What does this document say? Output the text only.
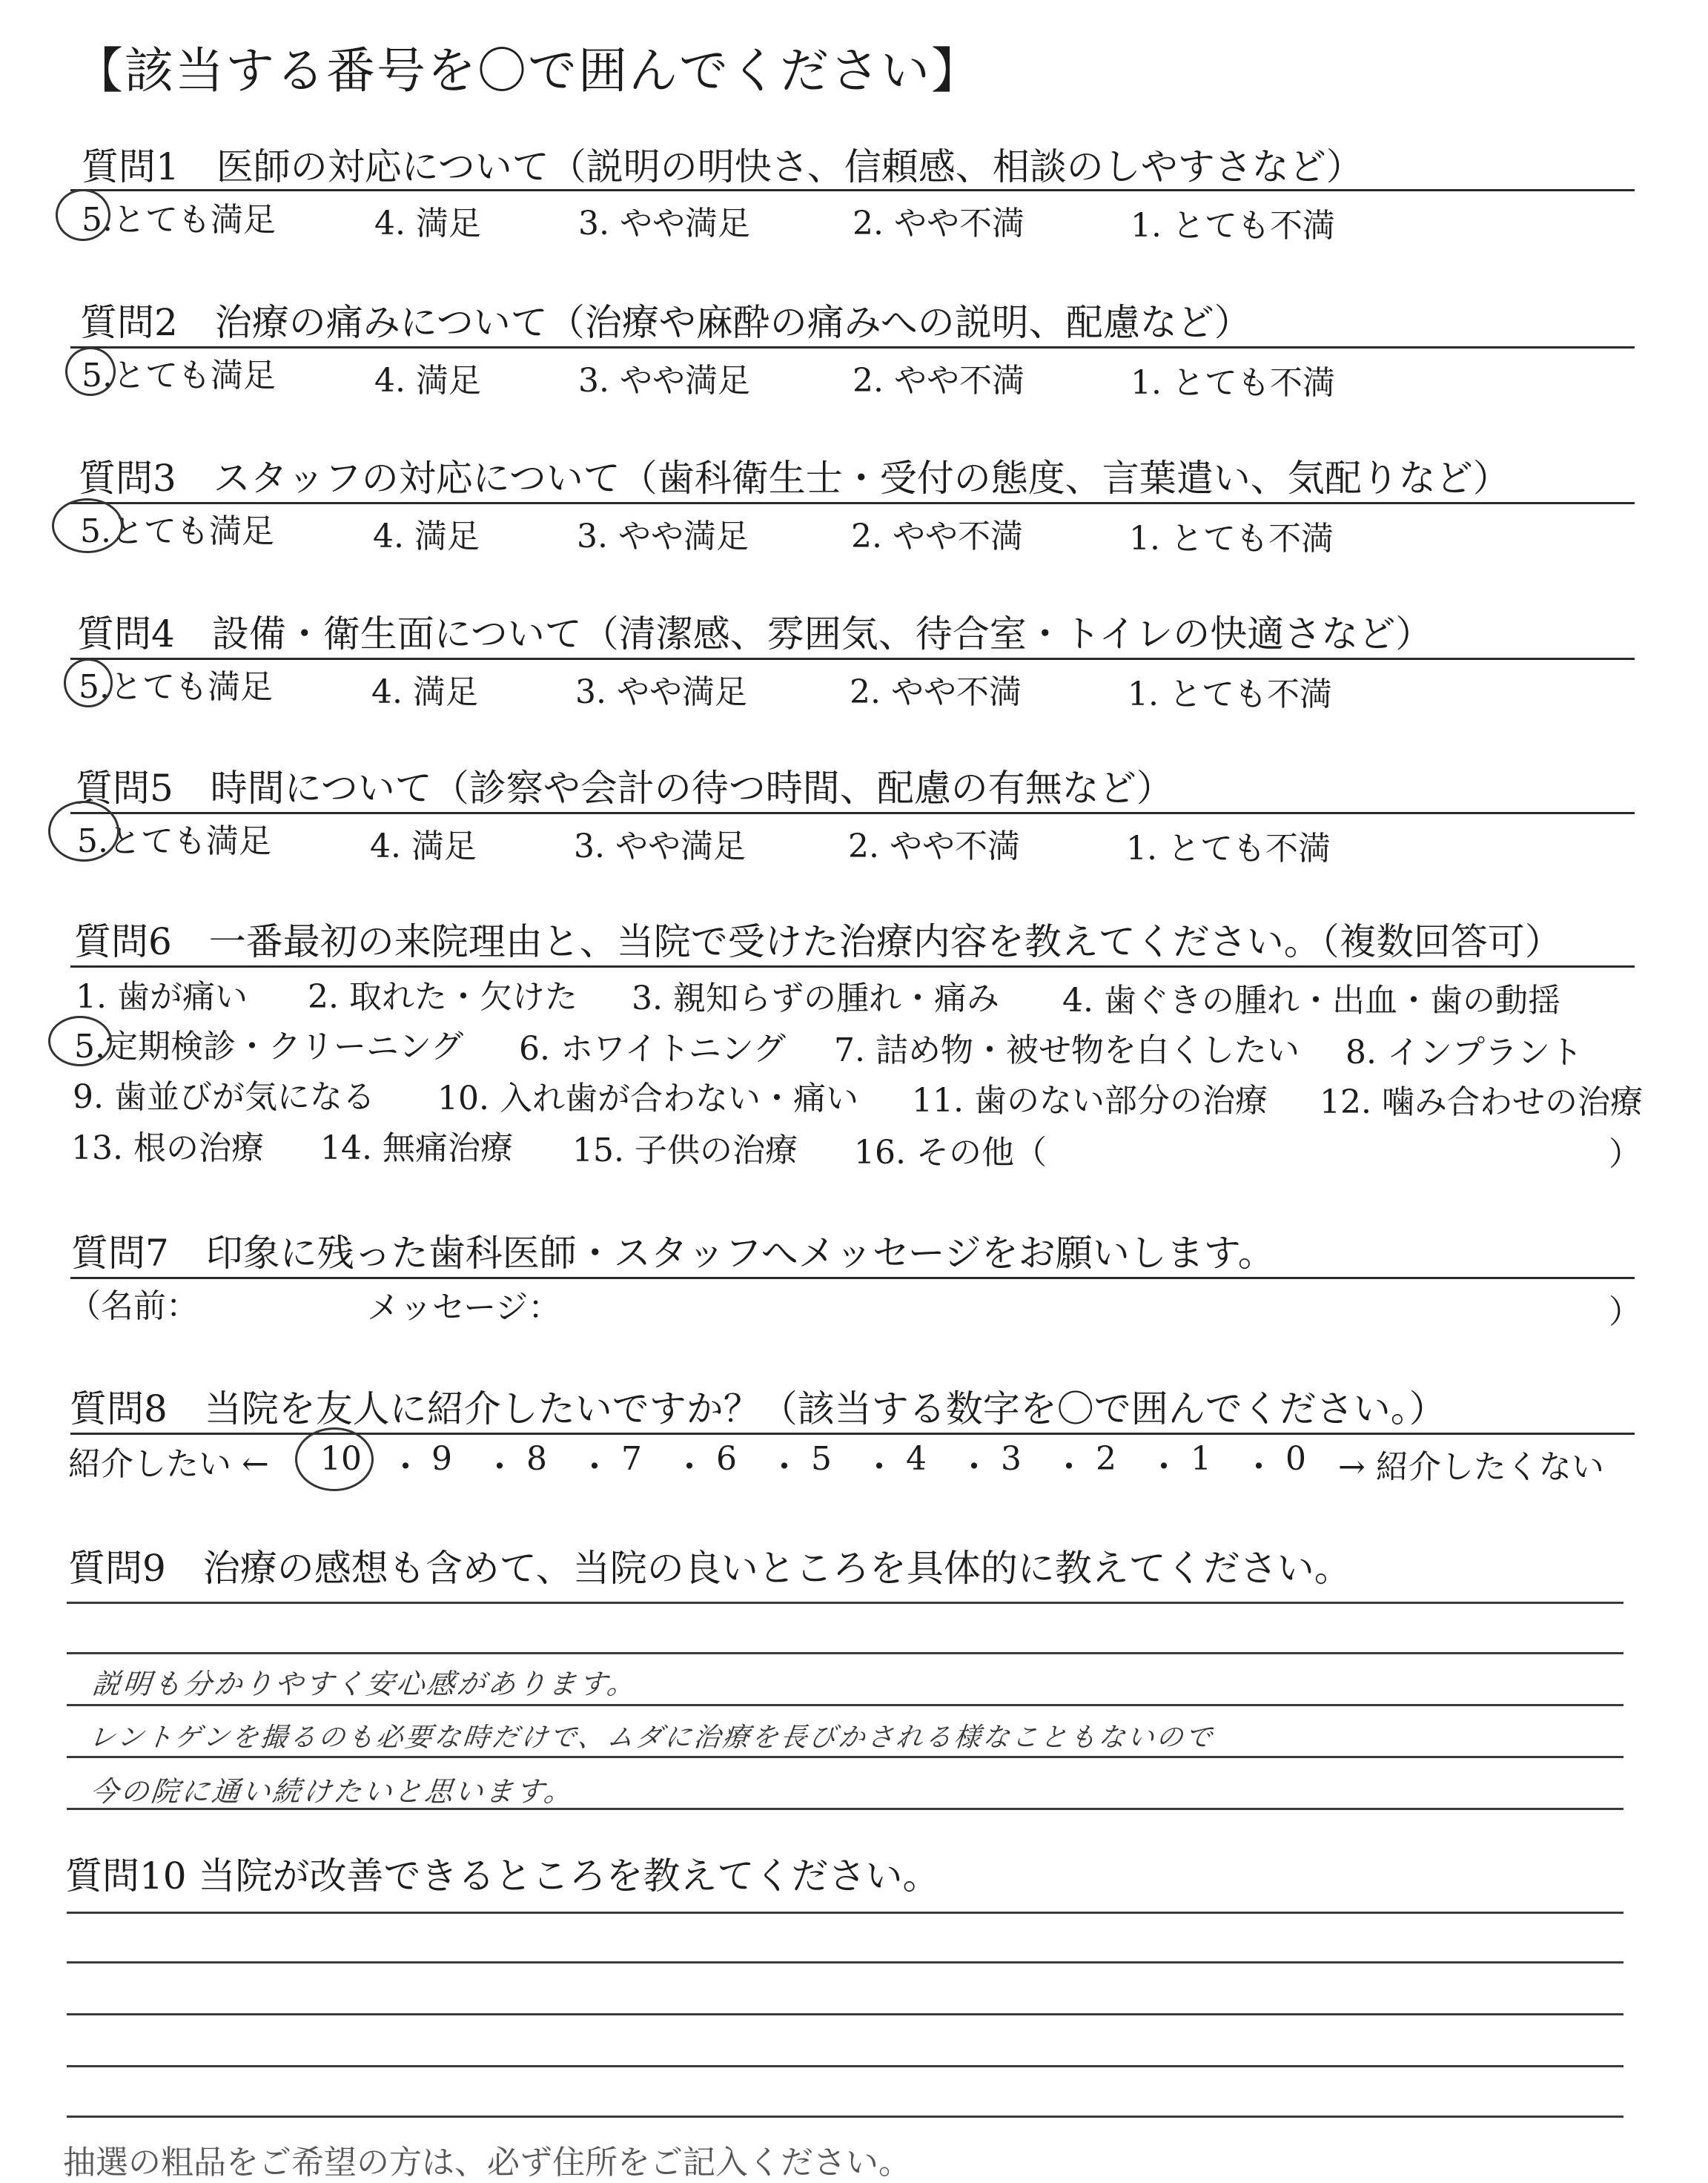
【該当する番号を〇で囲んでください】
質問1　医師の対応について（説明の明快さ、信頼感、相談のしやすさなど）
5.とても満足	4. 満足	3. やや満足	2. やや不満	1. とても不満
質問2　治療の痛みについて（治療や麻酔の痛みへの説明、配慮など）
5.とても満足	4. 満足	3. やや満足	2. やや不満	1. とても不満
質問3　スタッフの対応について（歯科衛生士・受付の態度、言葉遣い、気配りなど）
5.とても満足	4. 満足	3. やや満足	2. やや不満	1. とても不満
質問4　設備・衛生面について（清潔感、雰囲気、待合室・トイレの快適さなど）
5.とても満足	4. 満足	3. やや満足	2. やや不満	1. とても不満
質問5　時間について（診察や会計の待つ時間、配慮の有無など）
5.とても満足	4. 満足	3. やや満足	2. やや不満	1. とても不満
質問6　一番最初の来院理由と、当院で受けた治療内容を教えてください。（複数回答可）
1. 歯が痛い 2. 取れた・欠けた 3. 親知らずの腫れ・痛み 4. 歯ぐきの腫れ・出血・歯の動揺
5.定期検診・クリーニング 6. ホワイトニング 7. 詰め物・被せ物を白くしたい 8. インプラント
9. 歯並びが気になる 10. 入れ歯が合わない・痛い 11. 歯のない部分の治療 12. 噛み合わせの治療
13. 根の治療 14. 無痛治療 15. 子供の治療 16. その他（	）
質問7　印象に残った歯科医師・スタッフへメッセージをお願いします。
（名前：	メッセージ：	）
質問8　当院を友人に紹介したいですか？（該当する数字を〇で囲んでください。）
紹介したい ← 10 ・ 9 ・ 8 ・ 7 ・ 6 ・ 5 ・ 4 ・ 3 ・ 2 ・ 1 ・ 0 → 紹介したくない
質問9　治療の感想も含めて、当院の良いところを具体的に教えてください。
説明も分かりやすく安心感があります。
レントゲンを撮るのも必要な時だけで、ムダに治療を長びかされる様なこともないので
今の院に通い続けたいと思います。
質問10 当院が改善できるところを教えてください。
抽選の粗品をご希望の方は、必ず住所をご記入ください。
